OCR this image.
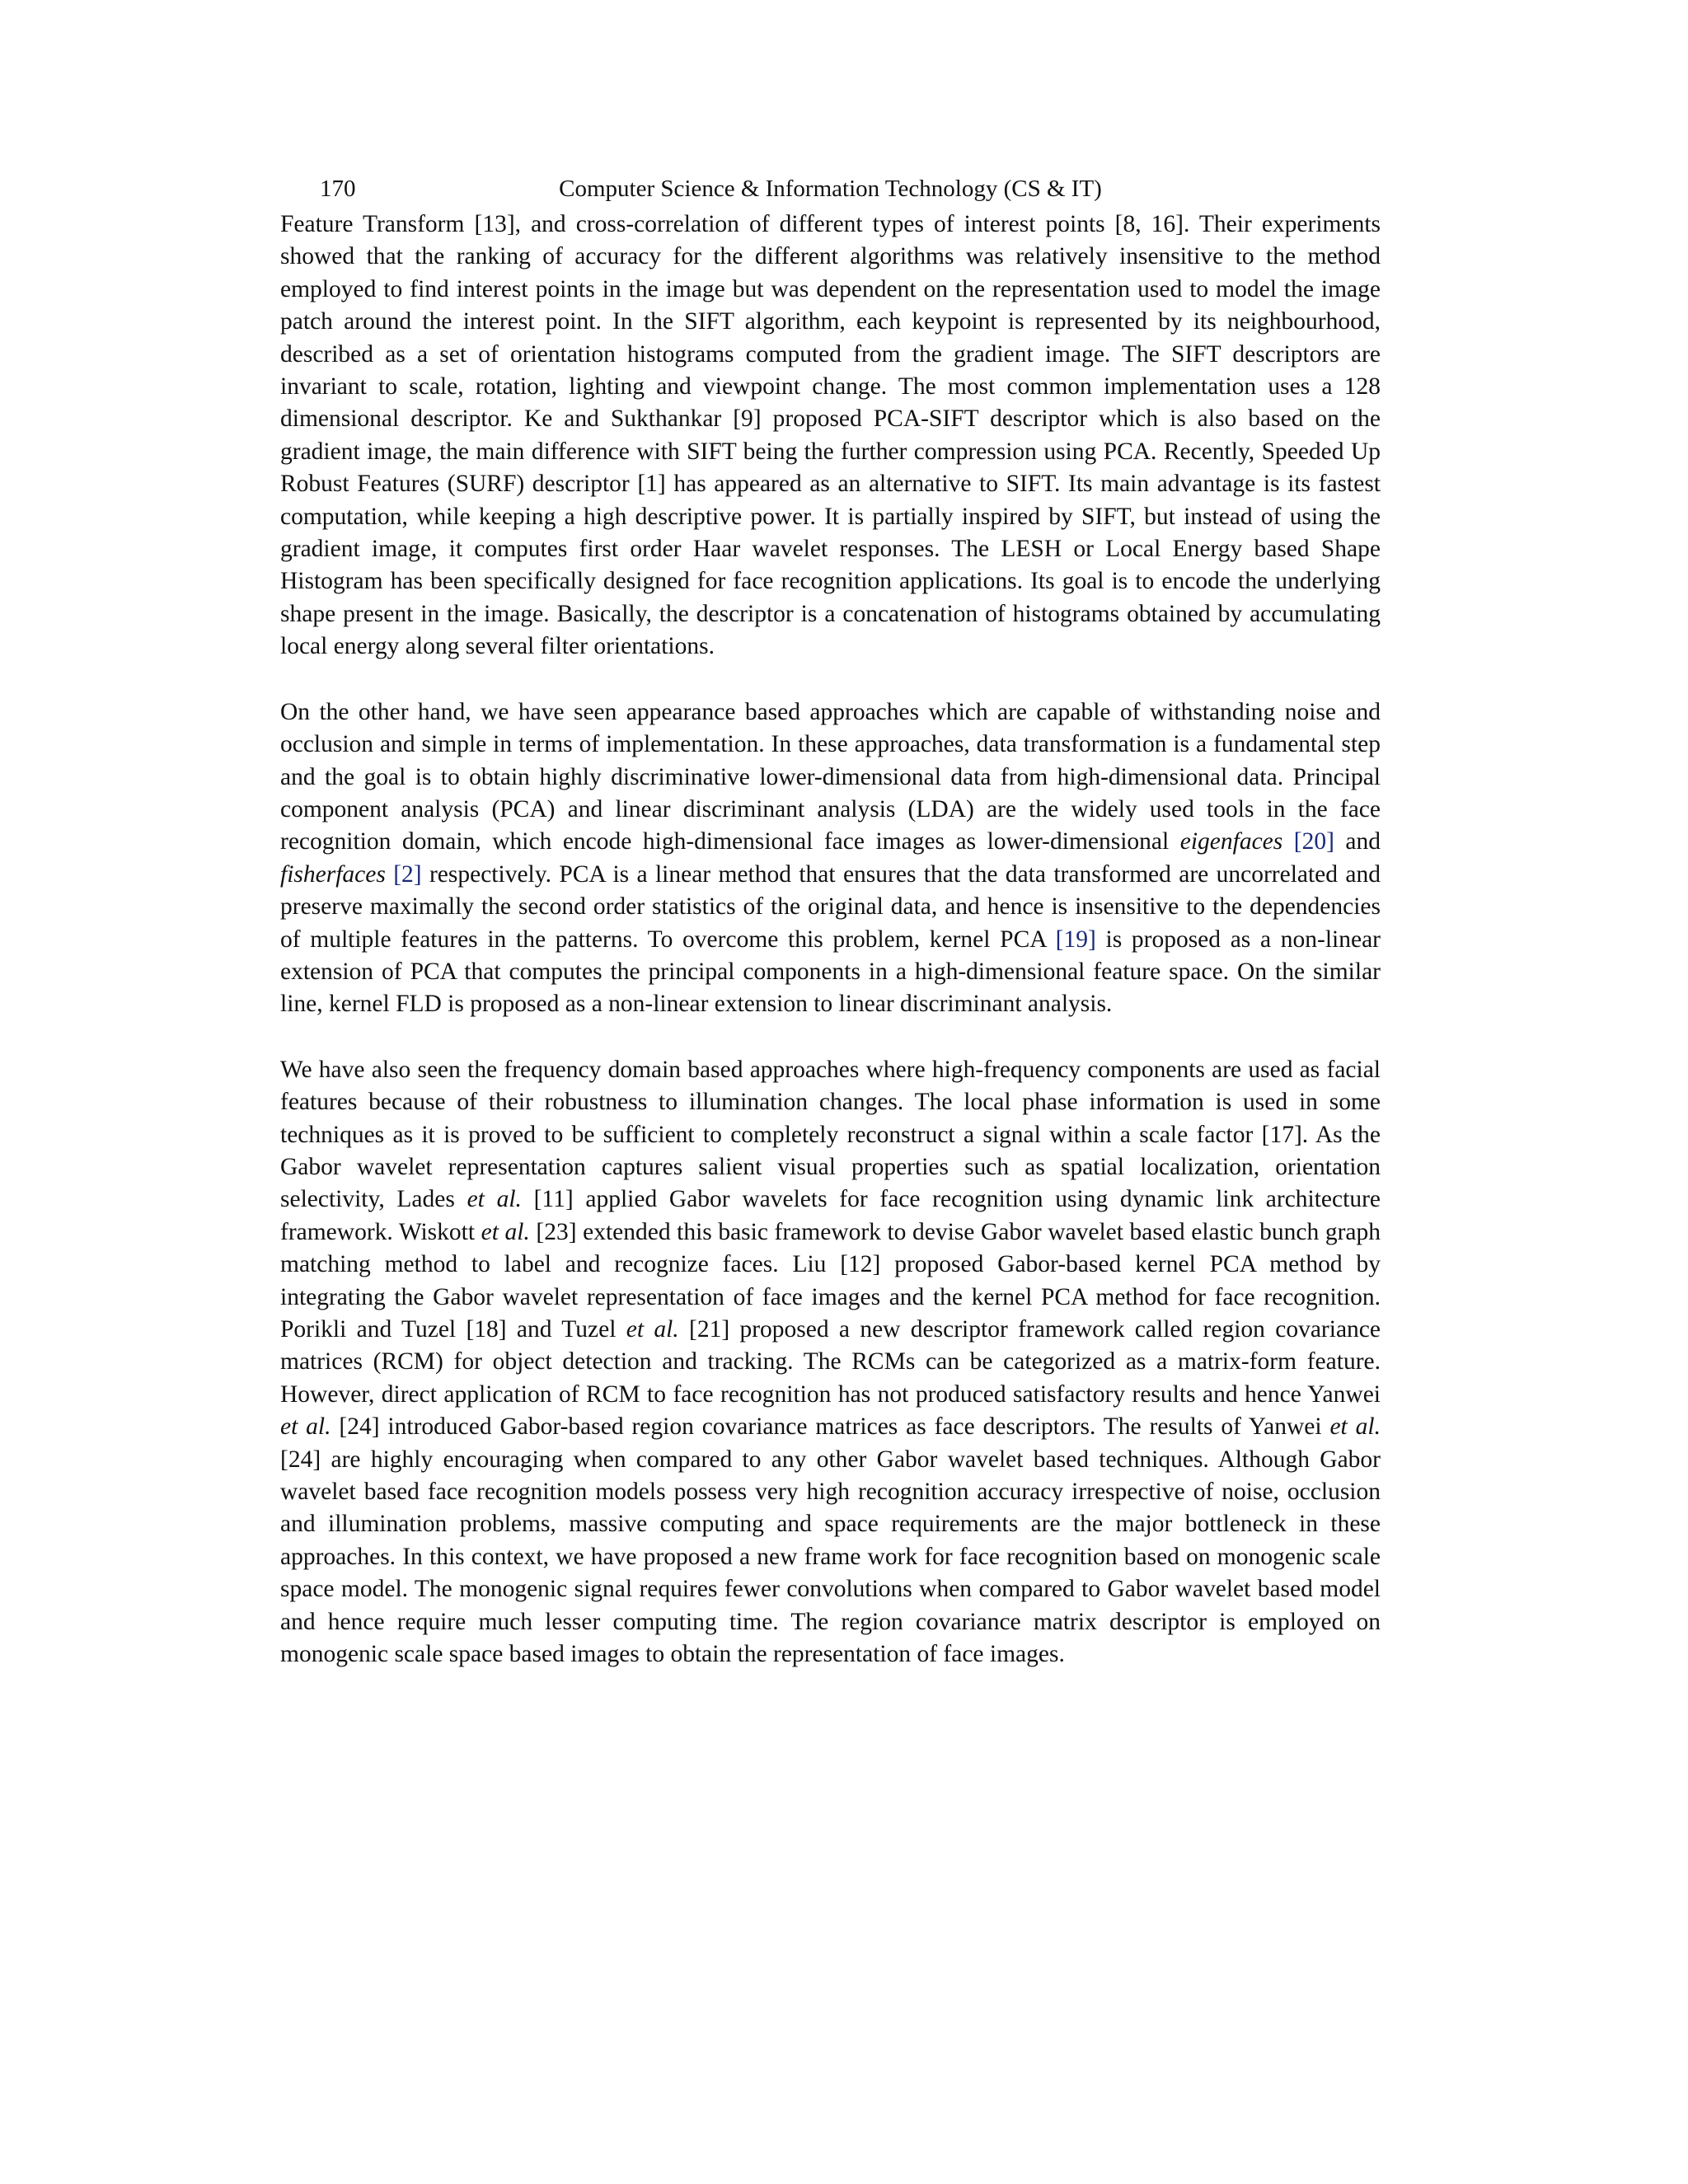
170	Computer Science & Information Technology (CS & IT)

Feature Transform [13], and cross-correlation of different types of interest points [8, 16]. Their experiments showed that the ranking of accuracy for the different algorithms was relatively insensitive to the method employed to find interest points in the image but was dependent on the representation used to model the image patch around the interest point. In the SIFT algorithm, each keypoint is represented by its neighbourhood, described as a set of orientation histograms computed from the gradient image. The SIFT descriptors are invariant to scale, rotation, lighting and viewpoint change. The most common implementation uses a 128 dimensional descriptor. Ke and Sukthankar [9] proposed PCA-SIFT descriptor which is also based on the gradient image, the main difference with SIFT being the further compression using PCA. Recently, Speeded Up Robust Features (SURF) descriptor [1] has appeared as an alternative to SIFT. Its main advantage is its fastest computation, while keeping a high descriptive power. It is partially inspired by SIFT, but instead of using the gradient image, it computes first order Haar wavelet responses. The LESH or Local Energy based Shape Histogram has been specifically designed for face recognition applications. Its goal is to encode the underlying shape present in the image. Basically, the descriptor is a concatenation of histograms obtained by accumulating local energy along several filter orientations.

On the other hand, we have seen appearance based approaches which are capable of withstanding noise and occlusion and simple in terms of implementation. In these approaches, data transformation is a fundamental step and the goal is to obtain highly discriminative lower-dimensional data from high-dimensional data. Principal component analysis (PCA) and linear discriminant analysis (LDA) are the widely used tools in the face recognition domain, which encode high-dimensional face images as lower-dimensional eigenfaces [20] and fisherfaces [2] respectively. PCA is a linear method that ensures that the data transformed are uncorrelated and preserve maximally the second order statistics of the original data, and hence is insensitive to the dependencies of multiple features in the patterns. To overcome this problem, kernel PCA [19] is proposed as a non-linear extension of PCA that computes the principal components in a high-dimensional feature space. On the similar line, kernel FLD is proposed as a non-linear extension to linear discriminant analysis.

We have also seen the frequency domain based approaches where high-frequency components are used as facial features because of their robustness to illumination changes. The local phase information is used in some techniques as it is proved to be sufficient to completely reconstruct a signal within a scale factor [17]. As the Gabor wavelet representation captures salient visual properties such as spatial localization, orientation selectivity, Lades et al. [11] applied Gabor wavelets for face recognition using dynamic link architecture framework. Wiskott et al. [23] extended this basic framework to devise Gabor wavelet based elastic bunch graph matching method to label and recognize faces. Liu [12] proposed Gabor-based kernel PCA method by integrating the Gabor wavelet representation of face images and the kernel PCA method for face recognition. Porikli and Tuzel [18] and Tuzel et al. [21] proposed a new descriptor framework called region covariance matrices (RCM) for object detection and tracking. The RCMs can be categorized as a matrix-form feature. However, direct application of RCM to face recognition has not produced satisfactory results and hence Yanwei et al. [24] introduced Gabor-based region covariance matrices as face descriptors. The results of Yanwei et al. [24] are highly encouraging when compared to any other Gabor wavelet based techniques. Although Gabor wavelet based face recognition models possess very high recognition accuracy irrespective of noise, occlusion and illumination problems, massive computing and space requirements are the major bottleneck in these approaches. In this context, we have proposed a new frame work for face recognition based on monogenic scale space model. The monogenic signal requires fewer convolutions when compared to Gabor wavelet based model and hence require much lesser computing time. The region covariance matrix descriptor is employed on monogenic scale space based images to obtain the representation of face images.
